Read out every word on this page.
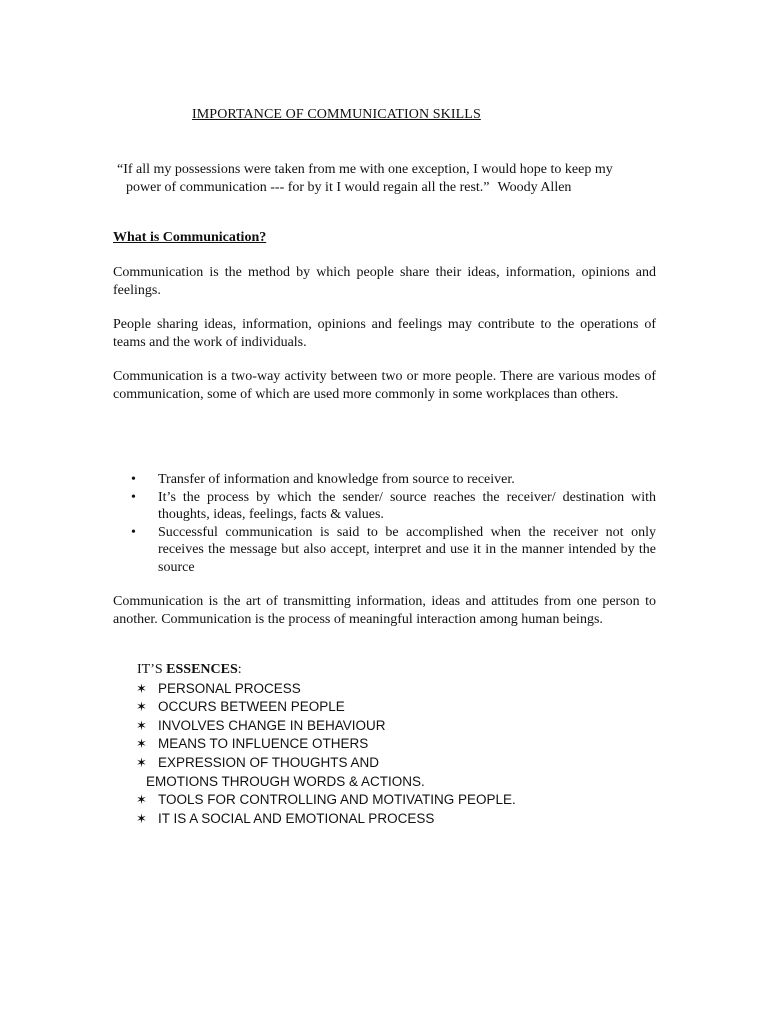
IMPORTANCE OF COMMUNICATION SKILLS
“If all my possessions were taken from me with one exception, I would hope to keep my
power of communication --- for by it I would regain all the rest.” Woody Allen
What is Communication?
Communication is the method by which people share their ideas, information, opinions and feelings.
People sharing ideas, information, opinions and feelings may contribute to the operations of teams and the work of individuals.
Communication is a two-way activity between two or more people. There are various modes of communication, some of which are used more commonly in some workplaces than others.
• Transfer of information and knowledge from source to receiver.
• It’s the process by which the sender/ source reaches the receiver/ destination with thoughts, ideas, feelings, facts & values.
• Successful communication is said to be accomplished when the receiver not only receives the message but also accept, interpret and use it in the manner intended by the source
Communication is the art of transmitting information, ideas and attitudes from one person to another. Communication is the process of meaningful interaction among human beings.
IT’S ESSENCES:
✶ PERSONAL PROCESS
✶ OCCURS BETWEEN PEOPLE
✶ INVOLVES CHANGE IN BEHAVIOUR
✶ MEANS TO INFLUENCE OTHERS
✶ EXPRESSION OF THOUGHTS AND
EMOTIONS THROUGH WORDS & ACTIONS.
✶ TOOLS FOR CONTROLLING AND MOTIVATING PEOPLE.
✶ IT IS A SOCIAL AND EMOTIONAL PROCESS
